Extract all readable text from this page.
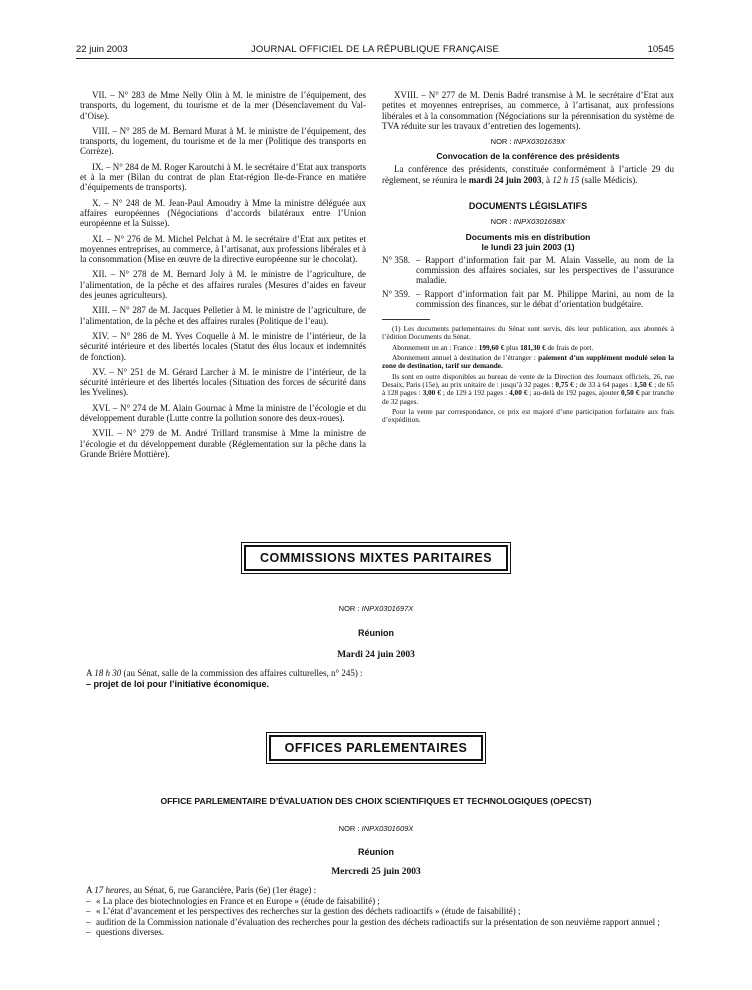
22 juin 2003	JOURNAL OFFICIEL DE LA RÉPUBLIQUE FRANÇAISE	10545

VII. – N° 283 de Mme Nelly Olin à M. le ministre de l’équipement, des transports, du logement, du tourisme et de la mer (Désenclavement du Val-d’Oise).

VIII. – N° 285 de M. Bernard Murat à M. le ministre de l’équipement, des transports, du logement, du tourisme et de la mer (Politique des transports en Corrèze).

IX. – N° 284 de M. Roger Karoutchi à M. le secrétaire d’Etat aux transports et à la mer (Bilan du contrat de plan Etat-région Ile-de-France en matière d’équipements de transports).

X. – N° 248 de M. Jean-Paul Amoudry à Mme la ministre déléguée aux affaires européennes (Négociations d’accords bilatéraux entre l’Union européenne et la Suisse).

XI. – N° 276 de M. Michel Pelchat à M. le secrétaire d’Etat aux petites et moyennes entreprises, au commerce, à l’artisanat, aux professions libérales et à la consommation (Mise en œuvre de la directive européenne sur le chocolat).

XII. – N° 278 de M. Bernard Joly à M. le ministre de l’agriculture, de l’alimentation, de la pêche et des affaires rurales (Mesures d’aides en faveur des jeunes agriculteurs).

XIII. – N° 287 de M. Jacques Pelletier à M. le ministre de l’agriculture, de l’alimentation, de la pêche et des affaires rurales (Politique de l’eau).

XIV. – N° 286 de M. Yves Coquelle à M. le ministre de l’intérieur, de la sécurité intérieure et des libertés locales (Statut des élus locaux et indemnités de fonction).

XV. – N° 251 de M. Gérard Larcher à M. le ministre de l’intérieur, de la sécurité intérieure et des libertés locales (Situation des forces de sécurité dans les Yvelines).

XVI. – N° 274 de M. Alain Gournac à Mme la ministre de l’écologie et du développement durable (Lutte contre la pollution sonore des deux-roues).

XVII. – N° 279 de M. André Trillard transmise à Mme la ministre de l’écologie et du développement durable (Réglementation sur la pêche dans la Grande Brière Mottière).

XVIII. – N° 277 de M. Denis Badré transmise à M. le secrétaire d’Etat aux petites et moyennes entreprises, au commerce, à l’artisanat, aux professions libérales et à la consommation (Négociations sur la pérennisation du système de TVA réduite sur les travaux d’entretien des logements).

NOR : INPX0301639X
Convocation de la conférence des présidents

La conférence des présidents, constituée conformément à l’article 29 du règlement, se réunira le mardi 24 juin 2003, à 12 h 15 (salle Médicis).

DOCUMENTS LÉGISLATIFS
NOR : INPX0301698X
Documents mis en distribution
le lundi 23 juin 2003 (1)
N° 358. – Rapport d’information fait par M. Alain Vasselle, au nom de la commission des affaires sociales, sur les perspectives de l’assurance maladie.
N° 359. – Rapport d’information fait par M. Philippe Marini, au nom de la commission des finances, sur le débat d’orientation budgétaire.

(1) Les documents parlementaires du Sénat sont servis, dès leur publication, aux abonnés à l’édition Documents du Sénat.

Abonnement un an : France : 199,60 € plus 181,30 € de frais de port.

Abonnement annuel à destination de l’étranger : paiement d’un supplément modulé selon la zone de destination, tarif sur demande.

Ils sont en outre disponibles au bureau de vente de la Direction des Journaux officiels, 26, rue Desaix, Paris (15e), au prix unitaire de : jusqu’à 32 pages : 0,75 € ; de 33 à 64 pages : 1,50 € ; de 65 à 128 pages : 3,00 € ; de 129 à 192 pages : 4,00 € ; au-delà de 192 pages, ajouter 0,50 € par tranche de 32 pages.

Pour la vente par correspondance, ce prix est majoré d’une participation forfaitaire aux frais d’expédition.

COMMISSIONS MIXTES PARITAIRES
NOR : INPX0301697X
Réunion
Mardi 24 juin 2003

A 18 h 30 (au Sénat, salle de la commission des affaires culturelles, n° 245) :

– projet de loi pour l’initiative économique.

OFFICES PARLEMENTAIRES
OFFICE PARLEMENTAIRE D’ÉVALUATION DES CHOIX SCIENTIFIQUES ET TECHNOLOGIQUES (OPECST)
NOR : INPX0301609X
Réunion
Mercredi 25 juin 2003

A 17 heures, au Sénat, 6, rue Garancière, Paris (6e) (1er étage) :

– « La place des biotechnologies en France et en Europe » (étude de faisabilité) ;
– « L’état d’avancement et les perspectives des recherches sur la gestion des déchets radioactifs » (étude de faisabilité) ;
– audition de la Commission nationale d’évaluation des recherches pour la gestion des déchets radioactifs sur la présentation de son neuvième rapport annuel ;
– questions diverses.
